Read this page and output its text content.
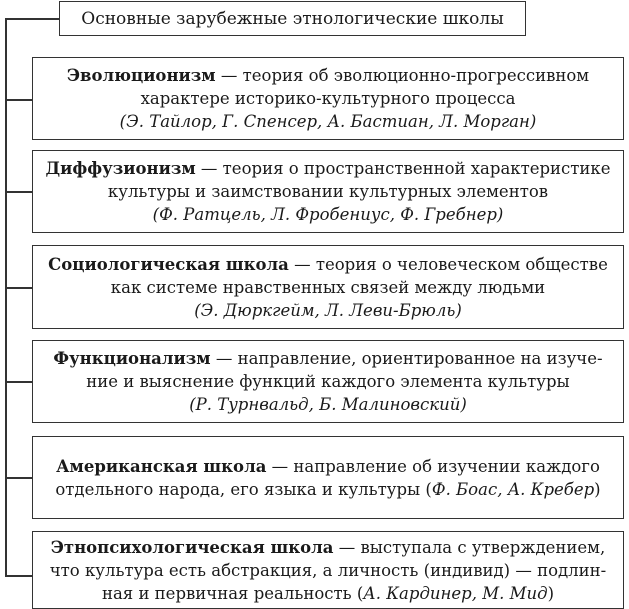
Основные зарубежные этнологические школы
Эволюционизм — теория об эволюционно-прогрессивном
характере историко-культурного процесса
(Э. Тайлор, Г. Спенсер, А. Бастиан, Л. Морган)
Диффузионизм — теория о пространственной характеристике
культуры и заимствовании культурных элементов
(Ф. Ратцель, Л. Фробениус, Ф. Гребнер)
Социологическая школа — теория о человеческом обществе
как системе нравственных связей между людьми
(Э. Дюркгейм, Л. Леви-Брюль)
Функционализм — направление, ориентированное на изуче-
ние и выяснение функций каждого элемента культуры
(Р. Турнвальд, Б. Малиновский)
Американская школа — направление об изучении каждого
отдельного народа, его языка и культуры (Ф. Боас, А. Кребер)
Этнопсихологическая школа — выступала с утверждением,
что культура есть абстракция, а личность (индивид) — подлин-
ная и первичная реальность (А. Кардинер, М. Мид)
